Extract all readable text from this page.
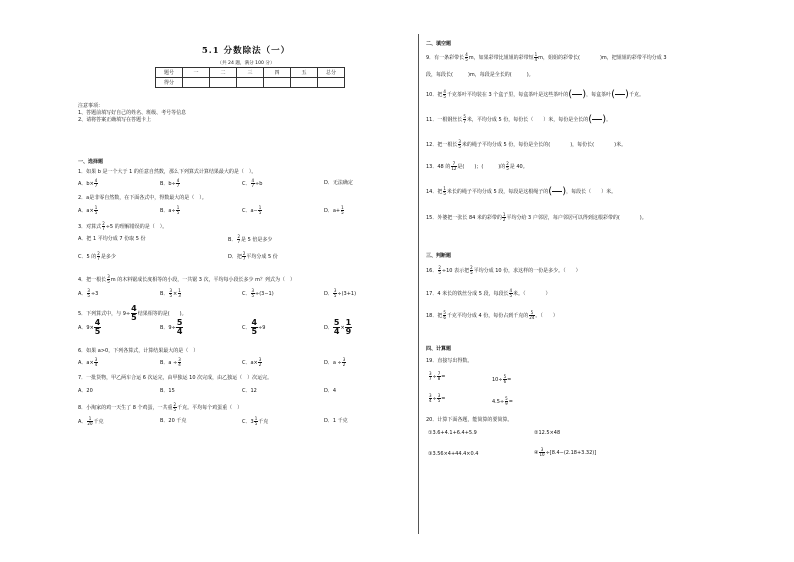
5.1 分数除法（一）
（共 24 题，满分 100 分）
题号	一	二	三	四	五	总分
得分						
注意事项：
1、答题前填写好自己的姓名、班级、考号等信息
2、请将答案正确填写在答题卡上
一、选择题
1．如果 b 是一个大于 1 的任意自然数，那么下列算式计算结果最大的是（　）。
A．$b\times \frac{4}{7}$	B．$b\div \frac{4}{7}$	C． $\frac{4}{7} \div b$	D．无法确定
2．a是非零自然数，在下面各式中，得数最大的是（　）。
A．$a\times \frac{1}{5}$	B．$a\div \frac{1}{5}$	C．$a- \frac{1}{5}$	D．$a+ \frac{1}{5}$
3．对算式 $\frac{2}{7} \div 5$ 的理解错误的是（　）。
A．把 1 平均分成 7 份取 5 份	B． $\frac{2}{7}$ 是 5 倍是多少
C．5 的 $\frac{2}{7}$ 是多少	D．把 $\frac{2}{7}$ 平均分成 5 份
4．把一根长 $\frac{3}{5}$ m 的木料锯成长度相等的小段，一共锯 3 次，平均每小段长多少 m？列式为（　）
A． $\frac{3}{5} \div 3$	B． $\frac{3}{5} \times \frac{1}{3}$	C． $\frac{3}{5} \div(3-1)$	D． $\frac{3}{5} \div(3+1)$
5．下列算式中，与 $9\div \frac{4}{5}$ 结果相等的是(　　)。
A．$9\times \frac{4}{5}$	B．$9\div \frac{5}{4}$	C． $\frac{4}{5} \div 9$	D． $\frac{5}{4} \times \frac{1}{9}$
6．如果 a>0，下列各算式，计算结果最大的是（　）
A．$a\times \frac{3}{4}$	B．$a \div \frac{3}{4}$	C．$a\times \frac{3}{2}$	D．$a \div \frac{3}{2}$
7．一批货物，甲乙两车合运 6 次运完，由甲独运 10 次完成，由乙独运（　）次运完。
A．20	B．15	C．12	D．4
8．小淘家的鸡一天生了 8 个鸡蛋，一共重 $\frac{2}{5}$ 千克。平均每个鸡蛋重（　）
A． $\frac{1}{20}$ 千克	B．20 千克	C．$3 \frac{1}{5}$ 千克	D．1 千克
二、填空题
9．有一条彩带长 $\frac{4}{5}$ m，如果彩带比姐姐的彩带短 $\frac{1}{4}$ m，姐姐的彩带长(　　　　)m，把姐姐的彩带平均分成 3
段，每段长(　　　)m，每段是全长的(　　　)。
10．把 $\frac{4}{5}$ 千克茶叶平均装在 3 个盒子里，每盒茶叶是这些茶叶的( )，每盒茶叶( )千克。
11．一根钢丝长 $\frac{5}{7}$ 米，平均分成 5 份，每份长（　　）米，每份是全长的( )。
12．把一根长 $\frac{3}{5}$ 米的绳子平均分成 5 份，每份是全长的(　　　　)，每份长(　　　　)米。
13．48 的 $\frac{7}{12}$ 是(　　)；(　　　)的 $\frac{2}{5}$ 是 40。
14．把 $\frac{1}{5}$ 米长的绳子平均分成 5 段，每段是这根绳子的( )，每段长（　　）米。
15．外婆把一张长 84 米的彩带的 $\frac{1}{2}$ 平均分给 3 户邻居，每户邻居可以得到这根彩带的(　　　　)。
三、判断题
16． $\frac{2}{5} \div 10$ 表示把 $\frac{2}{5}$ 平均分成 10 份，求这样的一份是多少。（　　）
17．4 米长的铁丝分成 5 段，每段长 $\frac{4}{5}$ 米。（　　　　）
18．把 $\frac{5}{6}$ 千克平均分成 4 份，每份占到千克的 $\frac{5}{24}$ 。（　　）
四、计算题
19．直接写出得数。
$\frac{3}{7} \div \frac{7}{8}$ =	$10\div \frac{5}{6}$ =
$\frac{3}{4} \div \frac{3}{5}$ =	$4.5\div \frac{5}{9}$ =
20．计算下面各题，能简算的要简算。
①3.6+4.1+6.4+5.9	②12.5×48
③3.56×4+44.4×0.4	④ $\frac{3}{10} \div[8.4-(2.18+3.32)]$
